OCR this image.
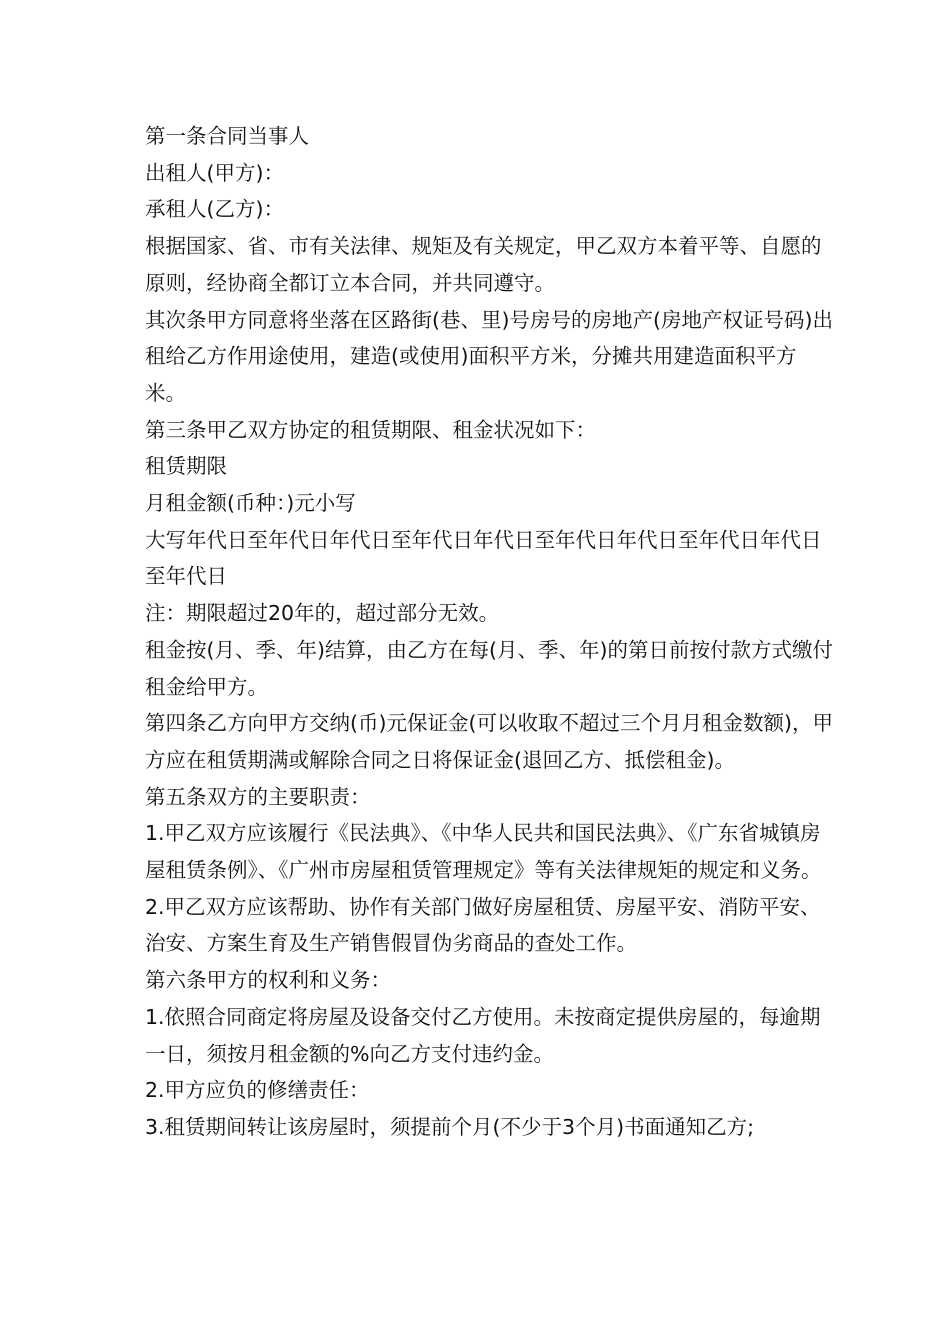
第一条合同当事人

出租人(甲方)：

承租人(乙方)：

根据国家、省、市有关法律、规矩及有关规定，甲乙双方本着平等、自愿的原则，经协商全都订立本合同，并共同遵守。

其次条甲方同意将坐落在区路街(巷、里)号房号的房地产(房地产权证号码)出租给乙方作用途使用，建造(或使用)面积平方米，分摊共用建造面积平方米。

第三条甲乙双方协定的租赁期限、租金状况如下：

租赁期限

月租金额(币种：)元小写

大写年代日至年代日年代日至年代日年代日至年代日年代日至年代日年代日至年代日

注：期限超过20年的，超过部分无效。

租金按(月、季、年)结算，由乙方在每(月、季、年)的第日前按付款方式缴付租金给甲方。

第四条乙方向甲方交纳(币)元保证金(可以收取不超过三个月月租金数额)，甲方应在租赁期满或解除合同之日将保证金(退回乙方、抵偿租金)。

第五条双方的主要职责：

1.甲乙双方应该履行《民法典》、《中华人民共和国民法典》、《广东省城镇房屋租赁条例》、《广州市房屋租赁管理规定》等有关法律规矩的规定和义务。

2.甲乙双方应该帮助、协作有关部门做好房屋租赁、房屋平安、消防平安、治安、方案生育及生产销售假冒伪劣商品的查处工作。

第六条甲方的权利和义务：

1.依照合同商定将房屋及设备交付乙方使用。未按商定提供房屋的，每逾期一日，须按月租金额的%向乙方支付违约金。

2.甲方应负的修缮责任：

3.租赁期间转让该房屋时，须提前个月(不少于3个月)书面通知乙方;
